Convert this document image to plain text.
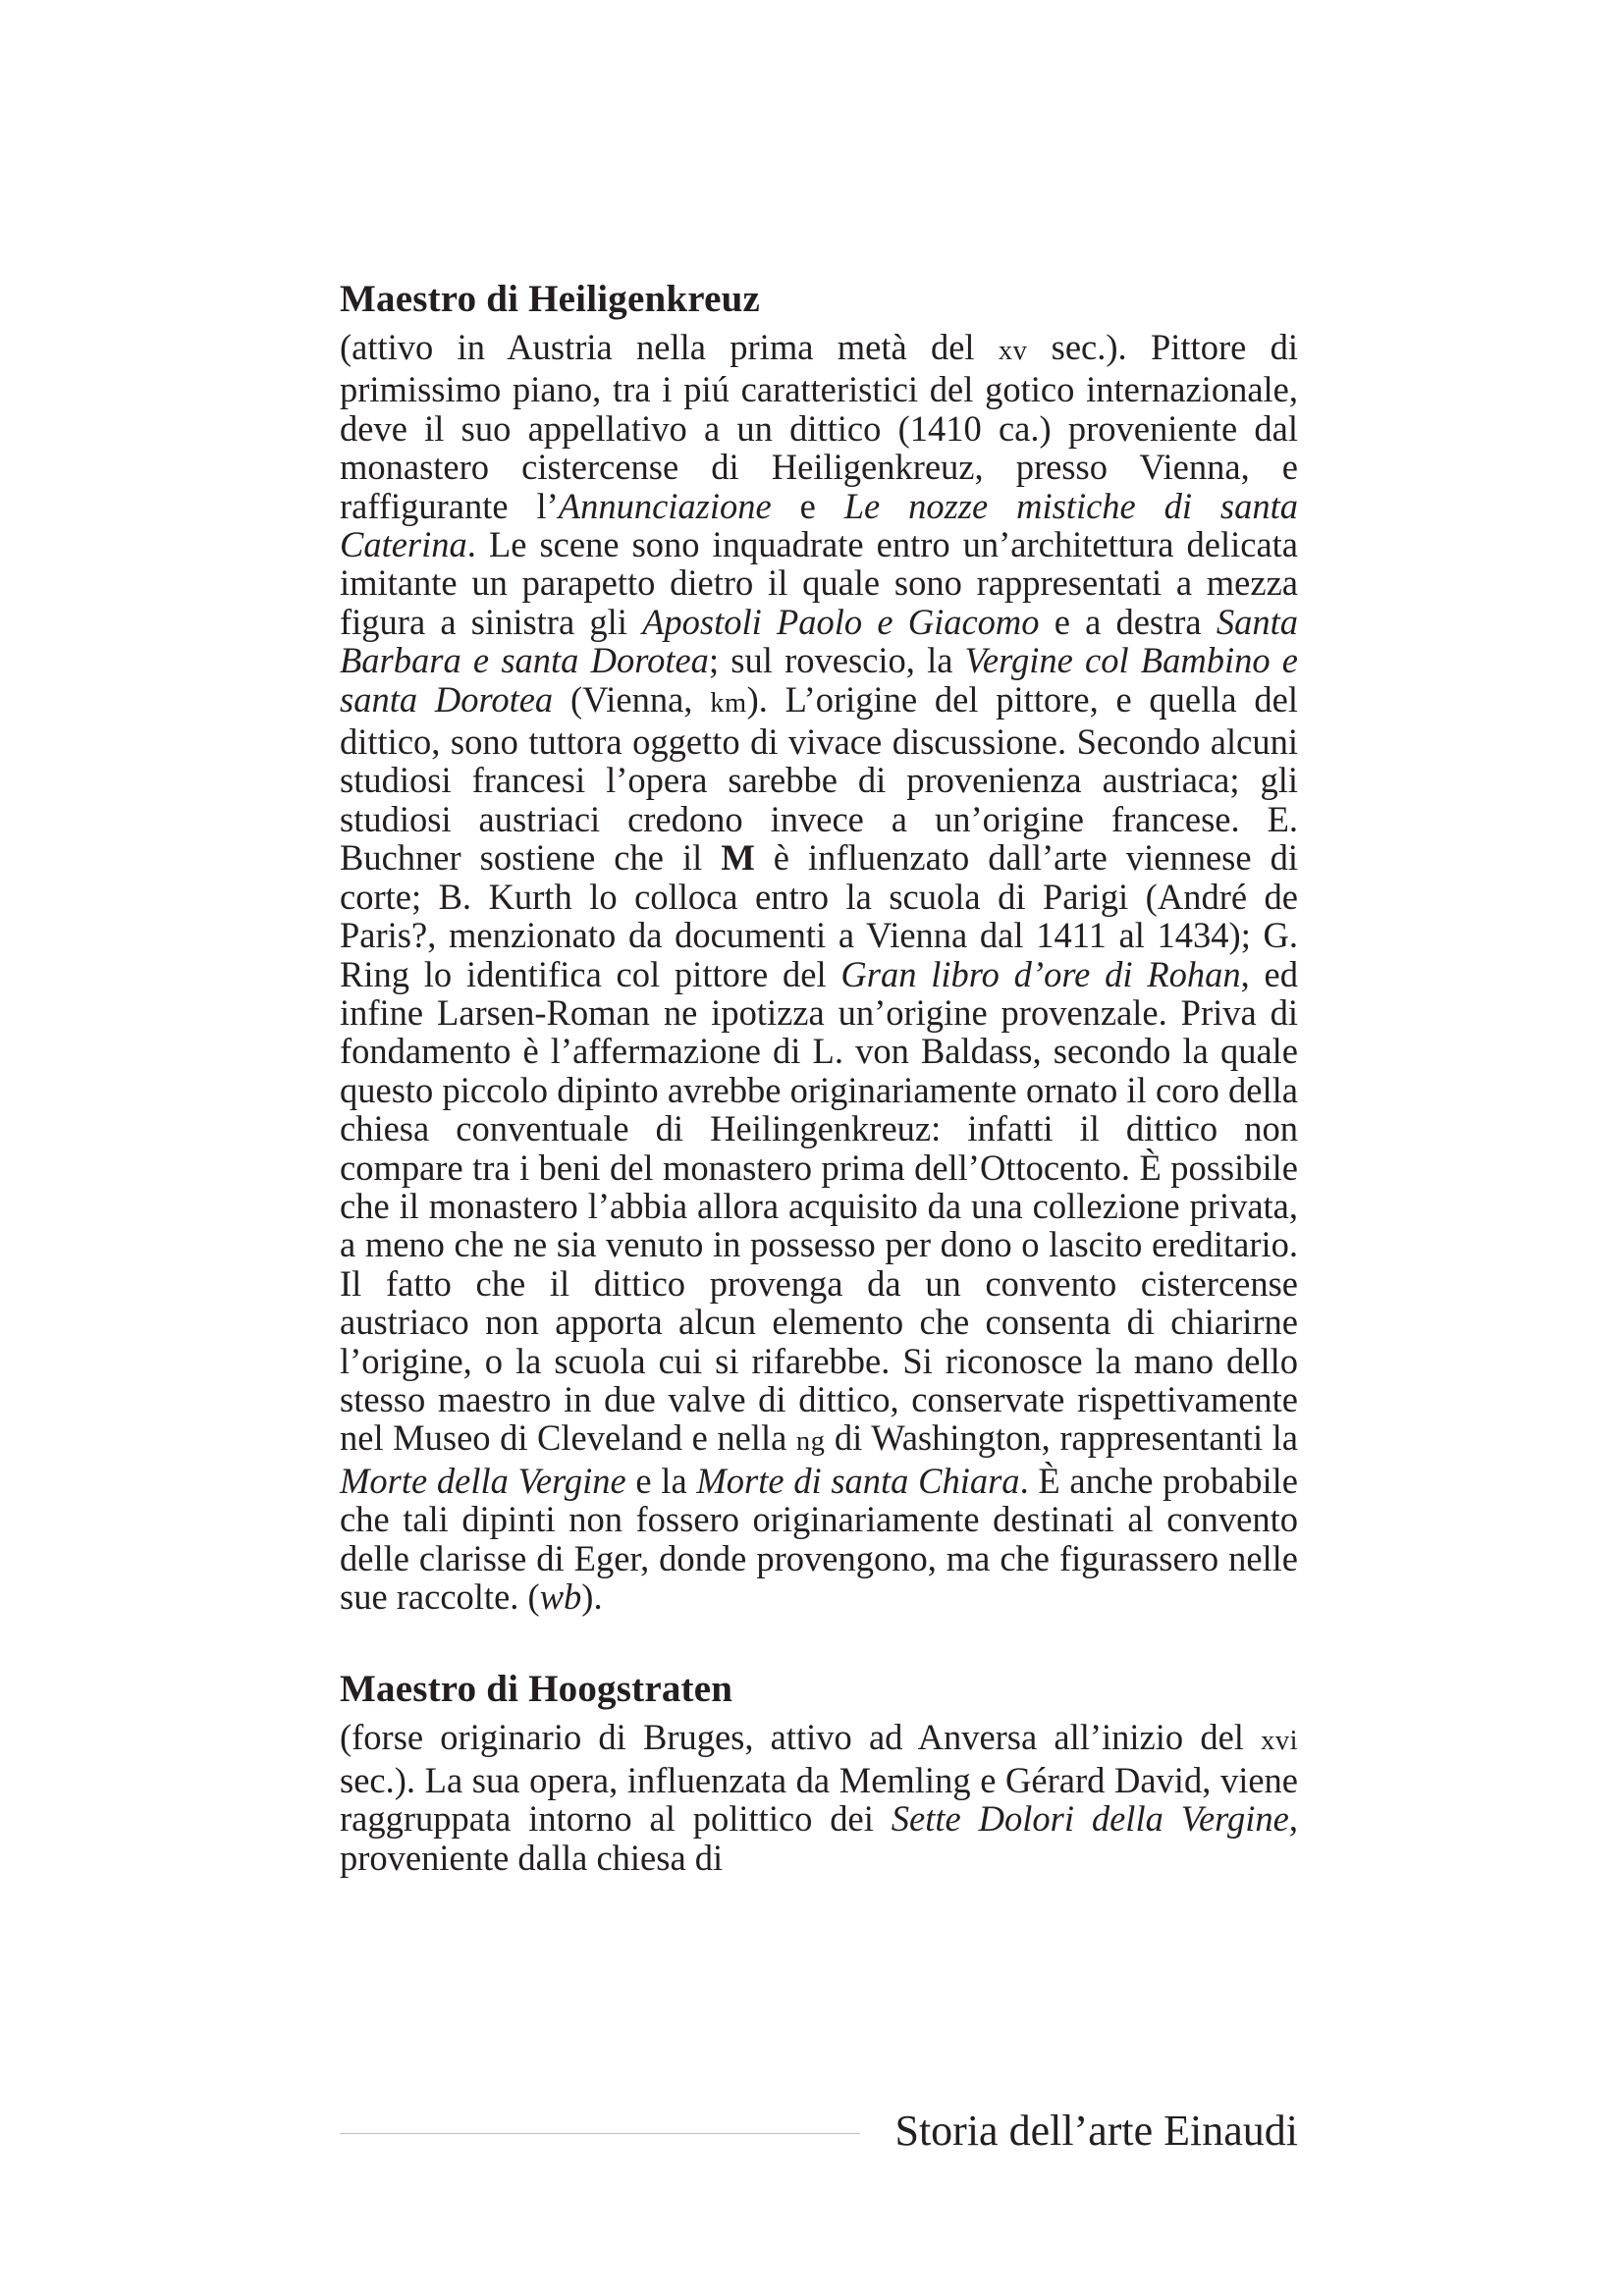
Maestro di Heiligenkreuz

(attivo in Austria nella prima metà del xv sec.). Pittore di primissimo piano, tra i piú caratteristici del gotico internazionale, deve il suo appellativo a un dittico (1410 ca.) proveniente dal monastero cistercense di Heiligenkreuz, presso Vienna, e raffigurante l’Annunciazione e Le nozze mistiche di santa Caterina. Le scene sono inquadrate entro un’architettura delicata imitante un parapetto dietro il quale sono rappresentati a mezza figura a sinistra gli Apostoli Paolo e Giacomo e a destra Santa Barbara e santa Dorotea; sul rovescio, la Vergine col Bambino e santa Dorotea (Vienna, km). L’origine del pittore, e quella del dittico, sono tuttora oggetto di vivace discussione. Secondo alcuni studiosi francesi l’opera sarebbe di provenienza austriaca; gli studiosi austriaci credono invece a un’origine francese. E. Buchner sostiene che il M è influenzato dall’arte viennese di corte; B. Kurth lo colloca entro la scuola di Parigi (André de Paris?, menzionato da documenti a Vienna dal 1411 al 1434); G. Ring lo identifica col pittore del Gran libro d’ore di Rohan, ed infine Larsen-Roman ne ipotizza un’origine provenzale. Priva di fondamento è l’affermazione di L. von Baldass, secondo la quale questo piccolo dipinto avrebbe originariamente ornato il coro della chiesa conventuale di Heilingenkreuz: infatti il dittico non compare tra i beni del monastero prima dell’Ottocento. È possibile che il monastero l’abbia allora acquisito da una collezione privata, a meno che ne sia venuto in possesso per dono o lascito ereditario. Il fatto che il dittico provenga da un convento cistercense austriaco non apporta alcun elemento che consenta di chiarirne l’origine, o la scuola cui si rifarebbe. Si riconosce la mano dello stesso maestro in due valve di dittico, conservate rispettivamente nel Museo di Cleveland e nella ng di Washington, rappresentanti la Morte della Vergine e la Morte di santa Chiara. È anche probabile che tali dipinti non fossero originariamente destinati al convento delle clarisse di Eger, donde provengono, ma che figurassero nelle sue raccolte. (wb).

Maestro di Hoogstraten

(forse originario di Bruges, attivo ad Anversa all’inizio del xvi sec.). La sua opera, influenzata da Memling e Gérard David, viene raggruppata intorno al polittico dei Sette Dolori della Vergine, proveniente dalla chiesa di

Storia dell’arte Einaudi
